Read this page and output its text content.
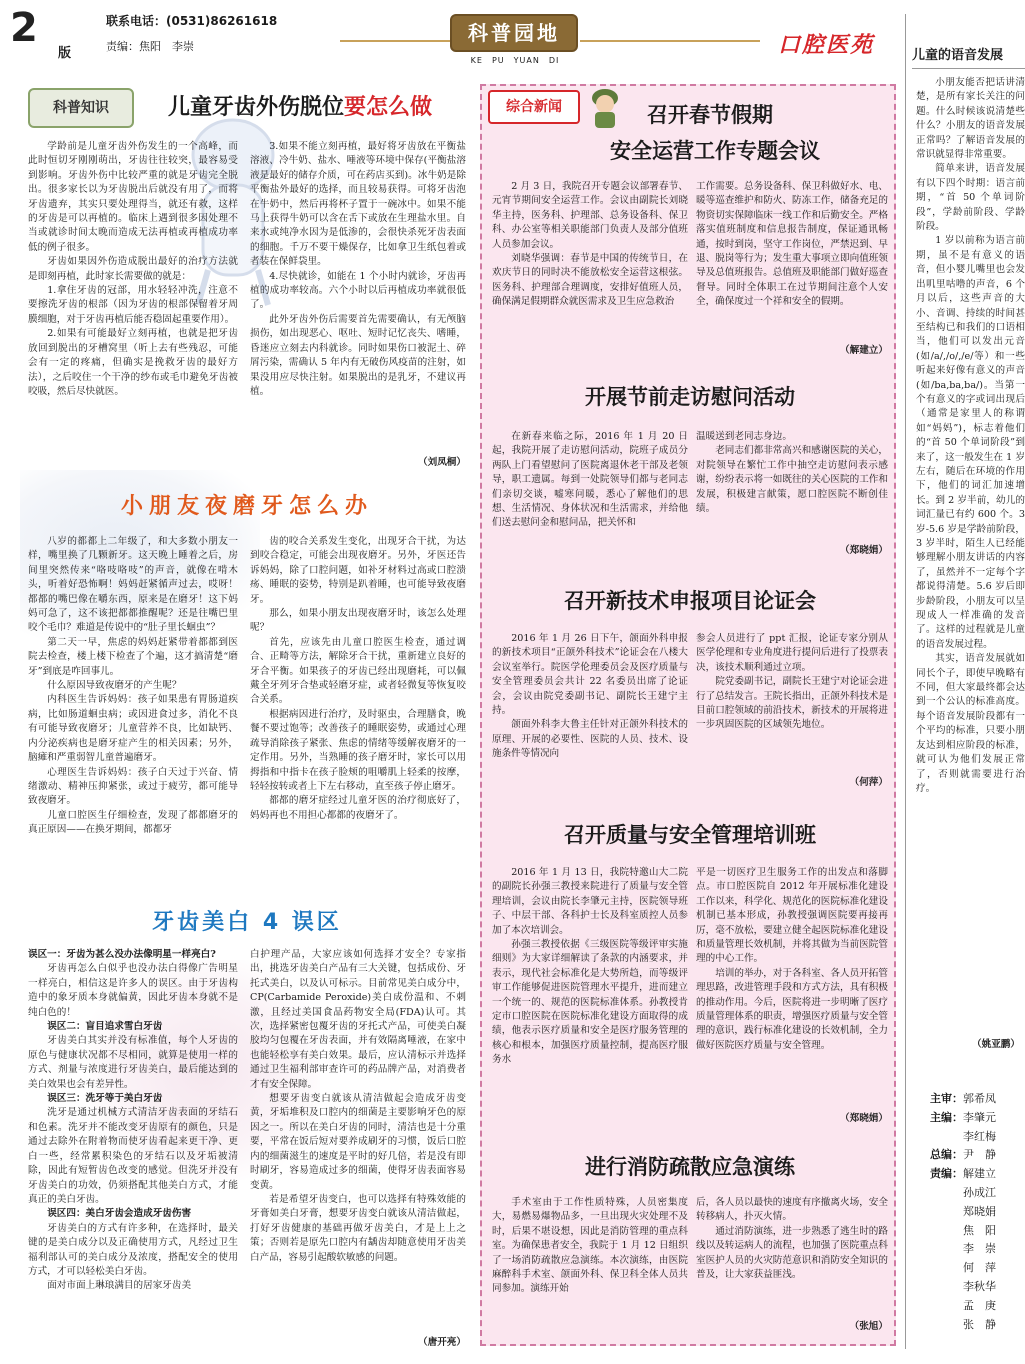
2
版
联系电话：(0531)86261618
责编：焦阳　李崇
科普园地
KE　PU　YUAN　DI
口腔医苑
科普知识	儿童牙齿外伤脱位要怎么做

学龄前是儿童牙齿外伤发生的一个高峰，而此时恒切牙刚刚萌出，牙齿往往较突，最容易受到影响。牙齿外伤中比较严重的就是牙齿完全脱出。很多家长以为牙齿脱出后就没有用了，而将牙齿遗弃，其实只要处理得当，就还有救，这样的牙齿是可以再植的。临床上遇到很多因处理不当或就诊时间太晚而造成无法再植或再植成功率低的例子很多。

牙齿如果因外伤造成脱出最好的治疗方法就是即刻再植，此时家长需要做的就是：

1.拿住牙齿的冠部，用水轻轻冲洗，注意不要擦洗牙齿的根部（因为牙齿的根部保留着牙周膜细胞，对于牙齿再植后能否稳固起重要作用）。

2.如果有可能最好立刻再植，也就是把牙齿放回到脱出的牙槽窝里（听上去有些残忍，可能会有一定的疼痛，但确实是挽救牙齿的最好方法），之后咬住一个干净的纱布或毛巾避免牙齿被咬吸，然后尽快就医。

3.如果不能立刻再植，最好将牙齿放在平衡盐溶液、冷牛奶、盐水、唾液等环境中保存(平衡盐溶液是最好的储存介质，可在药店买到)。冰牛奶是除平衡盐外最好的选择，而且较易获得。可将牙齿泡在牛奶中，然后再将杯子置于一碗冰中。如果不能马上获得牛奶可以含在舌下或放在生理盐水里。自来水或纯净水因为是低渗的，会很快杀死牙齿表面的细胞。千万不要干燥保存，比如拿卫生纸包着或者装在保鲜袋里。

4.尽快就诊，如能在 1 个小时内就诊，牙齿再植的成功率较高。六个小时以后再植成功率就很低了。

此外牙齿外伤后需要首先需要确认，有无颅脑损伤，如出现恶心、呕吐、短时记忆丧失、嗜睡，昏迷应立刻去内科就诊。同时如果伤口被泥土、碎屑污染，需确认 5 年内有无破伤风疫苗的注射，如果没用应尽快注射。如果脱出的是乳牙，不建议再植。

（刘凤桐）
小朋友夜磨牙怎么办

八岁的都都上二年级了，和大多数小朋友一样，嘴里换了几颗新牙。这天晚上睡着之后，房间里突然传来“咯吱咯吱”的声音，就像在啃木头，听着好恐怖啊！妈妈赶紧循声过去，哎呀！都都的嘴巴像在嚼东西，原来是在磨牙！这下妈妈可急了，这不该把都都推醒呢？还是往嘴巴里咬个毛巾？难道是传说中的“肚子里长蛔虫”？

第二天一早，焦虑的妈妈赶紧带着都都到医院去检查，楼上楼下检查了个遍，这才搞清楚“磨牙”到底是咋回事儿。

什么原因导致夜磨牙的产生呢？

内科医生告诉妈妈：孩子如果患有胃肠道疾病，比如肠道蛔虫病；或因进食过多，消化不良有可能导致夜磨牙；儿童营养不良，比如缺钙、内分泌疾病也是磨牙症产生的相关因素；另外，脑瘫和严重弱智儿童普遍磨牙。

心理医生告诉妈妈：孩子白天过于兴奋、情绪激动、精神压抑紧张，或过于疲劳，都可能导致夜磨牙。

儿童口腔医生仔细检查，发现了都都磨牙的真正原因——在换牙期间，都都牙

齿的咬合关系发生变化，出现牙合干扰，为达到咬合稳定，可能会出现夜磨牙。另外，牙医还告诉妈妈，除了口腔问题，如补牙材料过高或口腔溃疡、睡眠的姿势，特别是趴着睡，也可能导致夜磨牙。

那么，如果小朋友出现夜磨牙时，该怎么处理呢？

首先，应该先由儿童口腔医生检查，通过调合、正畸等方法，解除牙合干扰，重新建立良好的牙合平衡。如果孩子的牙齿已经出现磨耗，可以佩戴全牙列牙合垫或轻磨牙症，或者轻微复等恢复咬合关系。

根据病因进行治疗，及时驱虫，合理膳食，晚餐不要过饱等；改善孩子的睡眠姿势，或通过心理疏导消除孩子紧张、焦虑的情绪等缓解夜磨牙的一定作用。另外，当熟睡的孩子磨牙时，家长可以用拇指和中指卡在孩子脸颊的咀嚼肌上轻柔的按摩，轻轻按转或者上下左右移动，直至孩子停止磨牙。

都都的磨牙症经过儿童牙医的治疗彻底好了，妈妈再也不用担心都都的夜磨牙了。

牙齿美白 4 误区

误区一：牙齿为甚么没办法像明星一样亮白?

牙齿再怎么白似乎也没办法白得像广告明星一样亮白，相信这是许多人的误区。由于牙齿构造中的象牙质本身就偏黄，因此牙齿本身就不是纯白色的！

误区二：盲目追求雪白牙齿

牙齿美白其实并没有标准值，每个人牙齿的原色与健康状况都不尽相同，就算是使用一样的方式、剂量与浓度进行牙齿美白，最后能达到的美白效果也会有差异性。

误区三：洗牙等于美白牙齿

洗牙是通过机械方式清洁牙齿表面的牙结石和色素。洗牙并不能改变牙齿原有的颜色，只是通过去除外在附着物而使牙齿看起来更干净、更白一些，经常累积染色的牙结石以及牙垢被清除，因此有短暂齿色改变的感觉。但洗牙并没有牙齿美白的功效，仍须搭配其他美白方式，才能真正的美白牙齿。

误区四：美白牙齿会造成牙齿伤害

牙齿美白的方式有许多种，在选择时，最关键的是美白成分以及正确使用方式，凡经过卫生福利部认可的美白成分及浓度，搭配安全的使用方式，才可以轻松美白牙齿。

面对市面上琳琅满目的居家牙齿美

白护理产品，大家应该如何选择才安全？专家指出，挑选牙齿美白产品有三大关键，包括成份、牙托式美白，以及认可标示。目前常见美白成分中，CP(Carbamide Peroxide)美白成份温和、不刺激，且经过美国食品药物安全局(FDA)认可。其次，选择紧密包覆牙齿的牙托式产品，可使美白凝胶均匀包覆在牙齿表面，并有效隔离唾液，在家中也能轻松享有美白效果。最后，应认清标示并选择通过卫生福利部审查许可的药品牌产品，对消费者才有安全保障。

想要牙齿变白就该从清洁做起会造成牙齿变黄，牙垢堆积及口腔内的细菌是主要影响牙色的原因之一。所以在美白牙齿的同时，清洁也是十分重要，平常在饭后短对要养成刷牙的习惯，饭后口腔内的细菌滋生的速度是平时的好几倍，若是没有即时刷牙，容易造成过多的细菌，使得牙齿表面容易变黄。

若是希望牙齿变白，也可以选择有特殊效能的牙膏如美白牙膏，想要牙齿变白就该从清洁做起，打好牙齿健康的基础再做牙齿美白，才是上上之策；否则若是原先口腔内有龋齿却随意使用牙齿美白产品，容易引起酸软敏感的问题。

（唐开亮）
综合新闻	召开春节假期
安全运营工作专题会议

2 月 3 日，我院召开专题会议部署春节、元宵节期间安全运营工作。会议由副院长刘晓华主持，医务科、护理部、总务设备科、保卫科、办公室等相关职能部门负责人及部分值班人员参加会议。

刘晓华强调：春节是中国的传统节日，在欢庆节日的同时决不能放松安全运营这根弦。医务科、护理部合理调度，安排好值班人员，确保满足假期群众就医需求及卫生应急救治

工作需要。总务设备科、保卫科做好水、电、暖等巡查维护和防火、防冻工作，储备充足的物资切实保障临床一线工作和后勤安全。严格落实值班制度和信息报告制度，保证通讯畅通，按时到岗，坚守工作岗位，严禁迟到、早退、脱岗等行为；发生重大事项立即向值班领导及总值班报告。总值班及职能部门做好巡查督导。同时全体职工在过节期间注意个人安全，确保度过一个祥和安全的假期。

（解建立）
开展节前走访慰问活动

在新春来临之际，2016 年 1 月 20 日起，我院开展了走访慰问活动，院班子成员分两队上门看望慰问了医院离退休老干部及老领导，职工遗属。每到一处院领导们都与老同志们亲切交谈，嘘寒问暖，悉心了解他们的思想、生活情况、身体状况和生活需求，并给他们送去慰问金和慰问品，把关怀和

温暖送到老同志身边。

老同志们都非常高兴和感谢医院的关心，对院领导在繁忙工作中抽空走访慰问表示感谢，纷纷表示将一如既往的关心医院的工作和发展，积极建言献策，愿口腔医院不断创佳绩。

（郑晓娟）
召开新技术申报项目论证会

2016 年 1 月 26 日下午，颌面外科申报的新技术项目“正颌外科技术”论证会在八楼大会议室举行。院医学伦理委员会及医疗质量与安全管理委员会共计 22 名委员出席了论证会，会议由院党委副书记、副院长王建宁主持。

颌面外科李大鲁主任针对正颌外科技术的原理、开展的必要性、医院的人员、技术、设施条件等情况向

参会人员进行了 ppt 汇报，论证专家分别从医学伦理和专业角度进行提问后进行了投票表决，该技术顺利通过立项。

院党委副书记，副院长王建宁对论证会进行了总结发言。王院长指出，正颌外科技术是目前口腔领域的前沿技术，新技术的开展将进一步巩固医院的区域领先地位。

（何萍）
召开质量与安全管理培训班

2016 年 1 月 13 日，我院特邀山大二院的副院长孙强三教授来院进行了质量与安全管理培训，会议由院长李肇元主持，医院领导班子、中层干部、各科护士长及科室质控人员参加了本次培训会。

孙强三教授依据《三级医院等级评审实施细则》为大家详细解读了条款的内涵要求，并表示，现代社会标准化是大势所趋，而等级评审工作能够促进医院管理水平提升，进而建立一个统一的、规范的医院标准体系。孙教授肯定市口腔医院在医院标准化建设方面取得的成绩，他表示医疗质量和安全是医疗服务管理的核心和根本，加强医疗质量控制，提高医疗服务水

平是一切医疗卫生服务工作的出发点和落脚点。市口腔医院自 2012 年开展标准化建设工作以来，科学化、规范化的医院标准化建设机制已基本形成，孙教授强调医院要再接再厉，毫不放松，要建立健全起医院标准化建设和质量管理长效机制，并将其做为当前医院管理的中心工作。

培训的举办，对于各科室、各人员开拓管理思路，改进管理手段和方式方法，具有积极的推动作用。今后，医院将进一步明晰了医疗质量管理体系的职责，增强医疗质量与安全管理的意识，践行标准化建设的长效机制，全力做好医院医疗质量与安全管理。

（郑晓娟）
进行消防疏散应急演练

手术室由于工作性质特殊，人员密集度大，易燃易爆物品多，一旦出现火灾处理不及时，后果不堪设想，因此是消防管理的重点科室。为确保患者安全，我院于 1 月 12 日组织了一场消防疏散应急演练。本次演练，由医院麻醉科手术室、颌面外科、保卫科全体人员共同参加。演练开始

后，各人员以最快的速度有序撤离火场，安全转移病人，扑灭火情。

通过消防演练，进一步熟悉了逃生时的路线以及转运病人的流程，也加强了医院重点科室医护人员的火灾防范意识和消防安全知识的普及，让大家获益匪浅。

（张旭）
儿童的语音发展

小朋友能否把话讲清楚，是所有家长关注的问题。什么时候该说清楚些什么？小朋友的语音发展正常吗？了解语音发展的常识就显得非常重要。

简单来讲，语音发展有以下四个时期：语言前期，“首 50 个单词阶段”，学龄前阶段、学龄阶段。

1 岁以前称为语言前期，虽不是有意义的语音，但小婴儿嘴里也会发出叽里咕噜的声音，6 个月以后，这些声音的大小、音调、持续的时间甚至结构已和我们的口语相当，他们可以发出元音(如/a/,/o/,/e/等）和一些听起来好像有意义的声音(如/ba,ba,ba/)。当第一个有意义的字或词出现后（通常是家里人的称谓如“妈妈”)，标志着他们的“首 50 个单词阶段”到来了，这一般发生在 1 岁左右，随后在环境的作用下，他们的词汇加速增长。到 2 岁半前，幼儿的词汇量已有约 600 个。3 岁-5.6 岁是学龄前阶段，3 岁半时，陌生人已经能够理解小朋友讲话的内容了，虽然并不一定每个字都说得清楚。5.6 岁后即步龄阶段，小朋友可以呈现成人一样准确的发音了。这样的过程就是儿童的语音发展过程。

其实，语音发展就如同长个子，即使早晚略有不同，但大家最终都会达到一个公认的标准高度。每个语音发展阶段都有一个平均的标准，只要小朋友达到相应阶段的标准，就可认为他们发展正常了，否则就需要进行治疗。

（姚亚鹏）
主审：郭希凤
主编：李肇元
李红梅
总编：尹　静
责编：解建立
孙成江
郑晓娟
焦　阳
李　崇
何　萍
李秋华
孟　庚
张　静
